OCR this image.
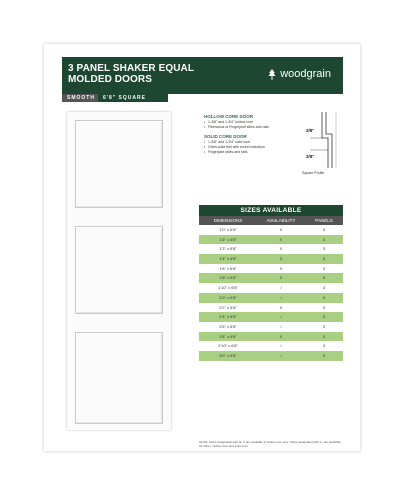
3 PANEL SHAKER EQUAL MOLDED DOORS	woodgrain
SMOOTH	6'8" SQUARE
HOLLOW CORE DOOR
• 1-3/8" and 1-3/4" hollow core
• Fiberwood or Fingerjoint stiles and rails
SOLID CORE DOOR
• 1-3/8" and 1-3/4" solid core
• Gives solid feel with sound reduction
• Fingerjoint stiles and rails
3/8"
3/8"
Square Profile
SIZES AVAILABLE
DIMENSIONS	AVAILABILITY	PANELS
1'0" x 6'8"	X	3
1'2" x 6'8"	X	3
1'3" x 6'8"	X	3
1'4" x 6'8"	X	3
1'6" x 6'8"	X	3
1'8" x 6'8"	X	3
1'10" x 6'8"	/	3
2'0" x 6'8"	/	3
2'2" x 6'8"	X	3
2'4" x 6'8"	/	3
2'6" x 6'8"	/	3
2'8" x 6'8"	X	3
2'10" x 6'8"	/	3
3'0" x 6'8"	/	3
NOTE: Sizes designated with an X are available in hollow core only. Sizes designated with a / are available for either. Hollow core and solid core.
